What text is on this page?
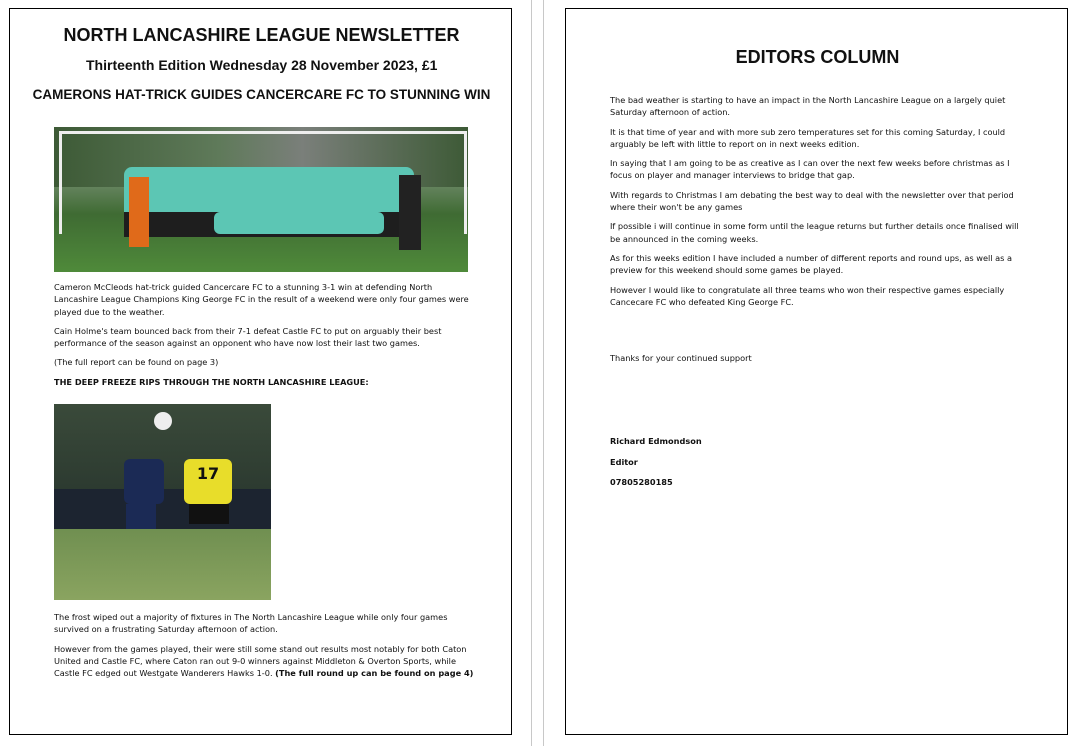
NORTH LANCASHIRE LEAGUE NEWSLETTER
Thirteenth Edition Wednesday 28 November 2023, £1
CAMERONS HAT-TRICK GUIDES CANCERCARE FC TO STUNNING WIN

Cameron McCleods hat-trick guided Cancercare FC to a stunning 3-1 win at defending North Lancashire League Champions King George FC in the result of a weekend were only four games were played due to the weather.

Cain Holme's team bounced back from their 7-1 defeat Castle FC to put on arguably their best performance of the season against an opponent who have now lost their last two games.

(The full report can be found on page 3)

THE DEEP FREEZE RIPS THROUGH THE NORTH LANCASHIRE LEAGUE:

17

The frost wiped out a majority of fixtures in The North Lancashire League while only four games survived on a frustrating Saturday afternoon of action.

However from the games played, their were still some stand out results most notably for both Caton United and Castle FC, where Caton ran out 9-0 winners against Middleton & Overton Sports, while Castle FC edged out Westgate Wanderers Hawks 1-0. (The full round up can be found on page 4)

EDITORS COLUMN

The bad weather is starting to have an impact in the North Lancashire League on a largely quiet Saturday afternoon of action.

It is that time of year and with more sub zero temperatures set for this coming Saturday, I could arguably be left with little to report on in next weeks edition.

In saying that I am going to be as creative as I can over the next few weeks before christmas as I focus on player and manager interviews to bridge that gap.

With regards to Christmas I am debating the best way to deal with the newsletter over that period where their won't be any games

If possible i will continue in some form until the league returns but further details once finalised will be announced in the coming weeks.

As for this weeks edition I have included a number of different reports and round ups, as well as a preview for this weekend should some games be played.

However I would like to congratulate all three teams who won their respective games especially Cancecare FC who defeated King George FC.

Thanks for your continued support
Richard Edmondson
Editor
07805280185
